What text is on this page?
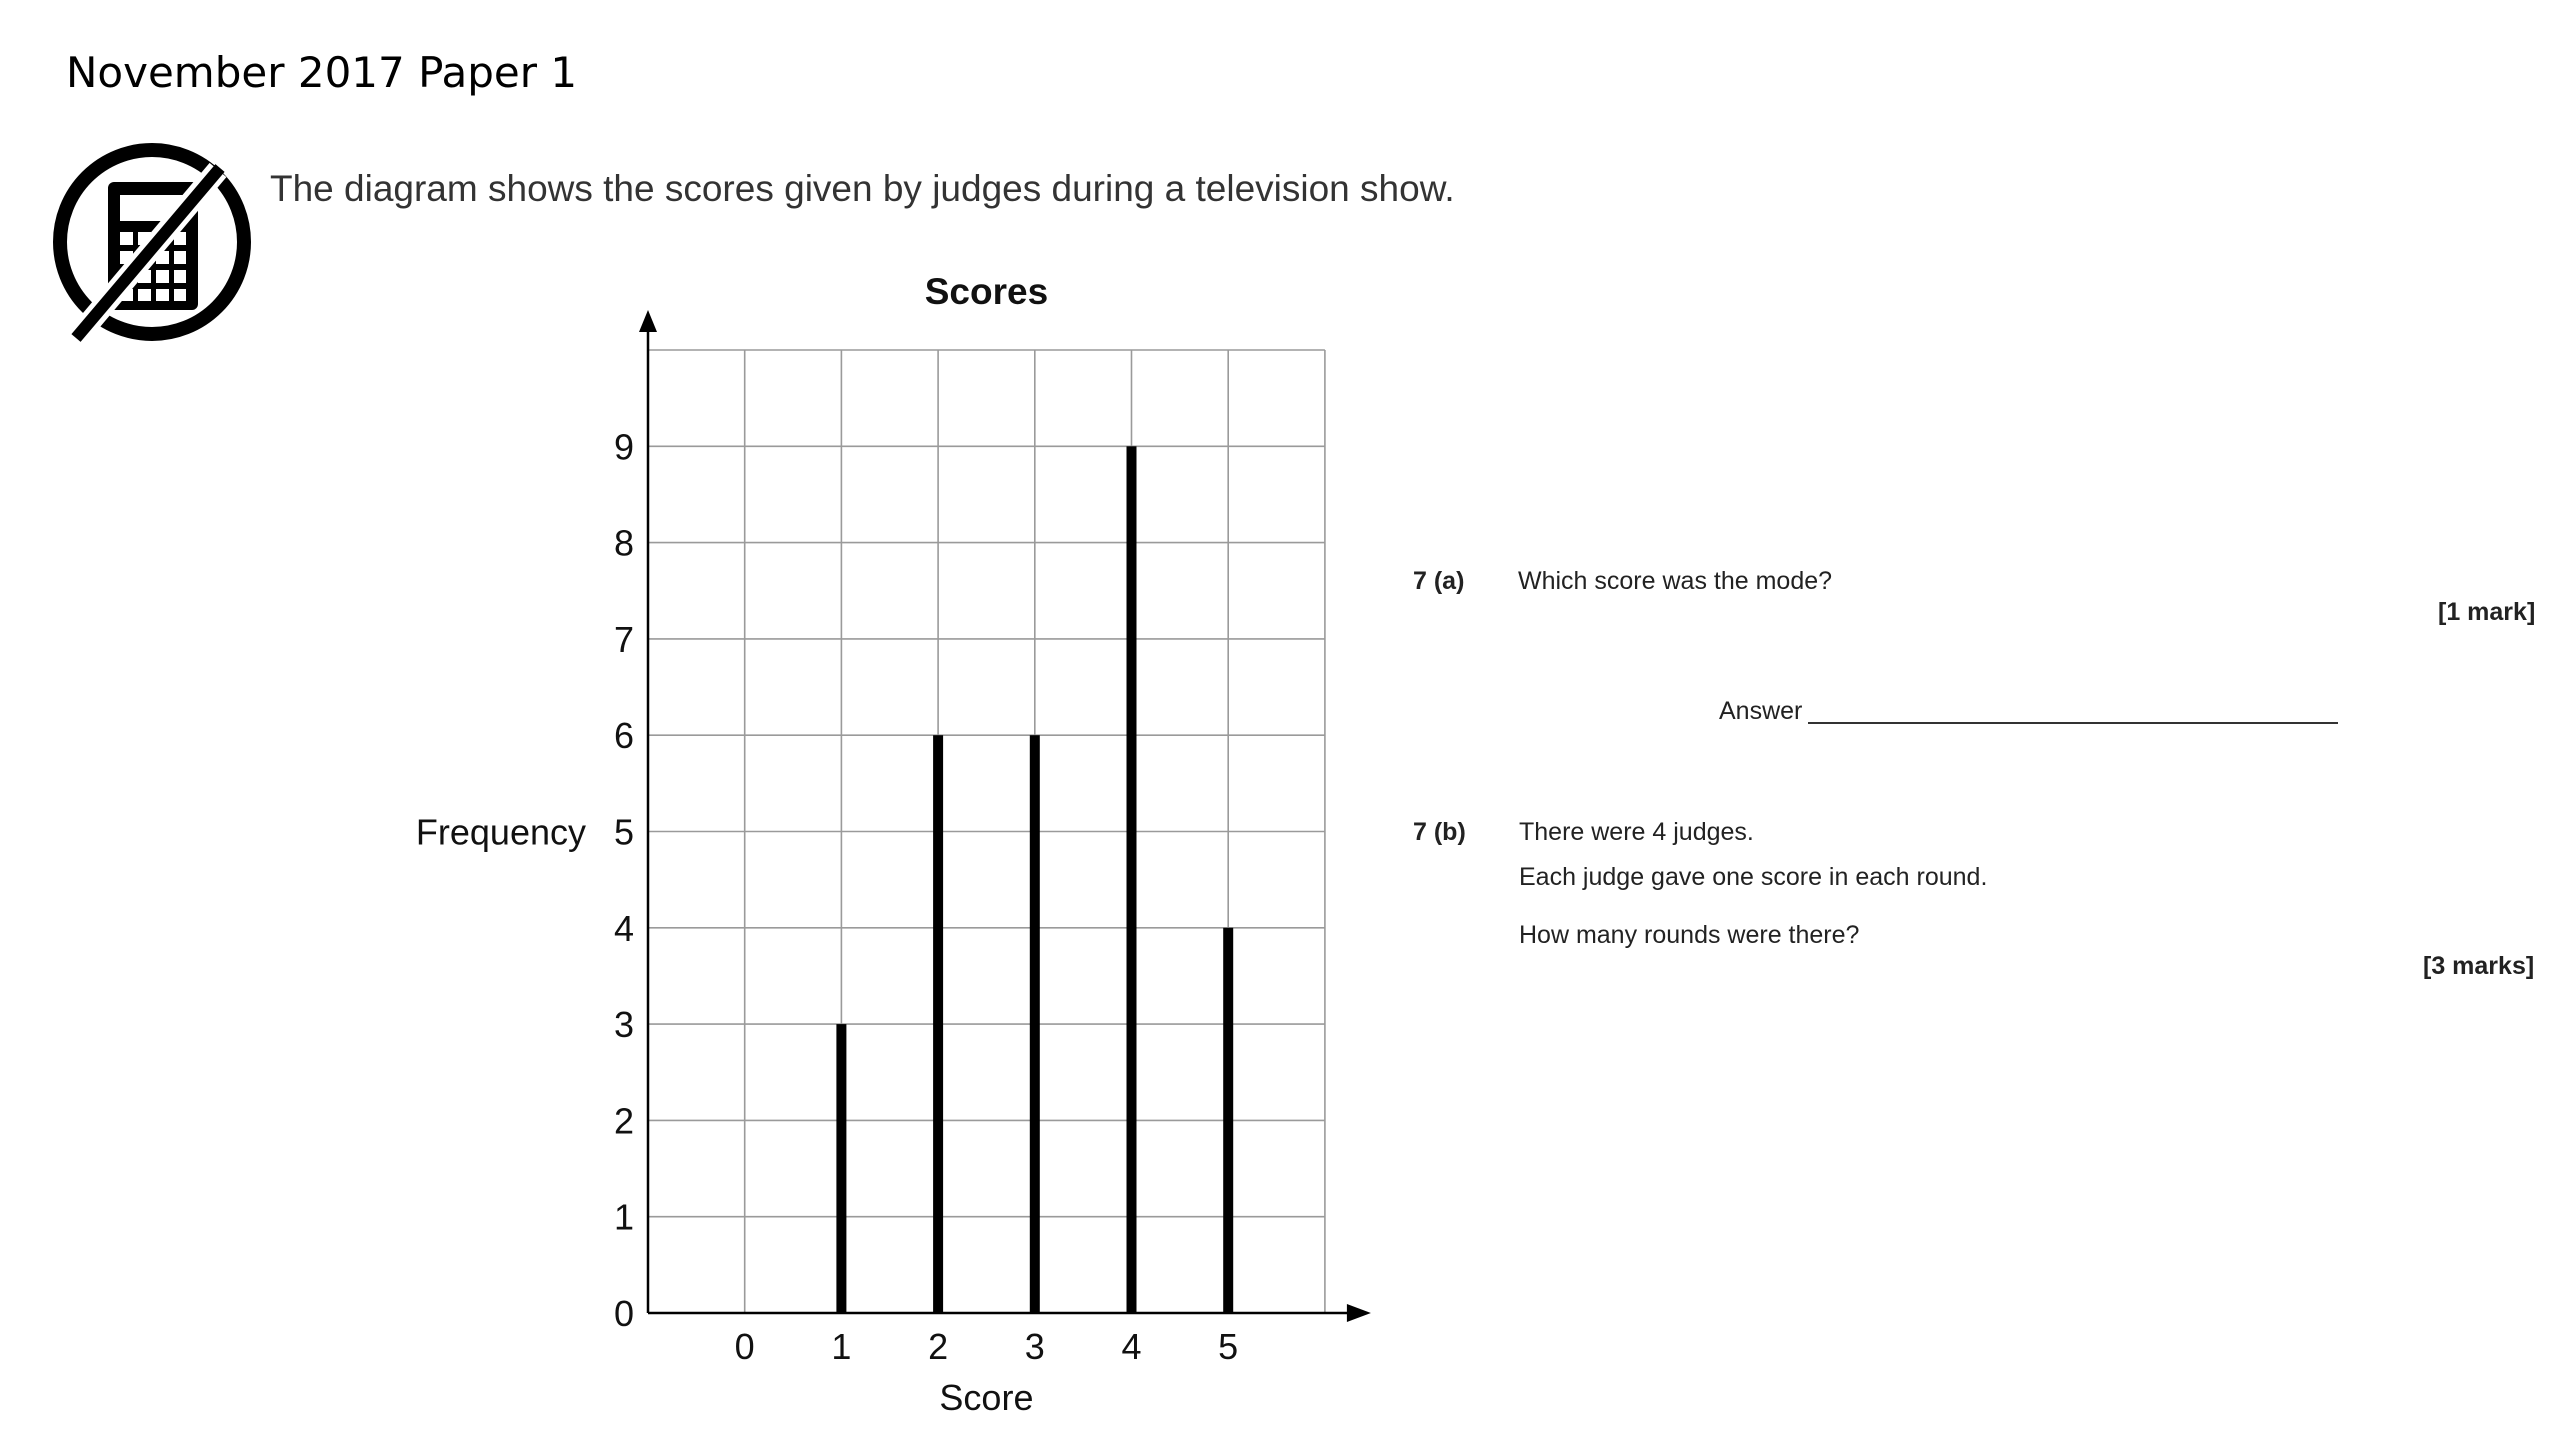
November 2017 Paper 1
The diagram shows the scores given by judges during a television show.
0
1
2
3
4
5
6
7
8
9
0 1 2 3 4 5
Scores
Score
Frequency
7 (a) Which score was the mode?
[1 mark]
Answer
7 (b) There were 4 judges.
Each judge gave one score in each round.
How many rounds were there?
[3 marks]
